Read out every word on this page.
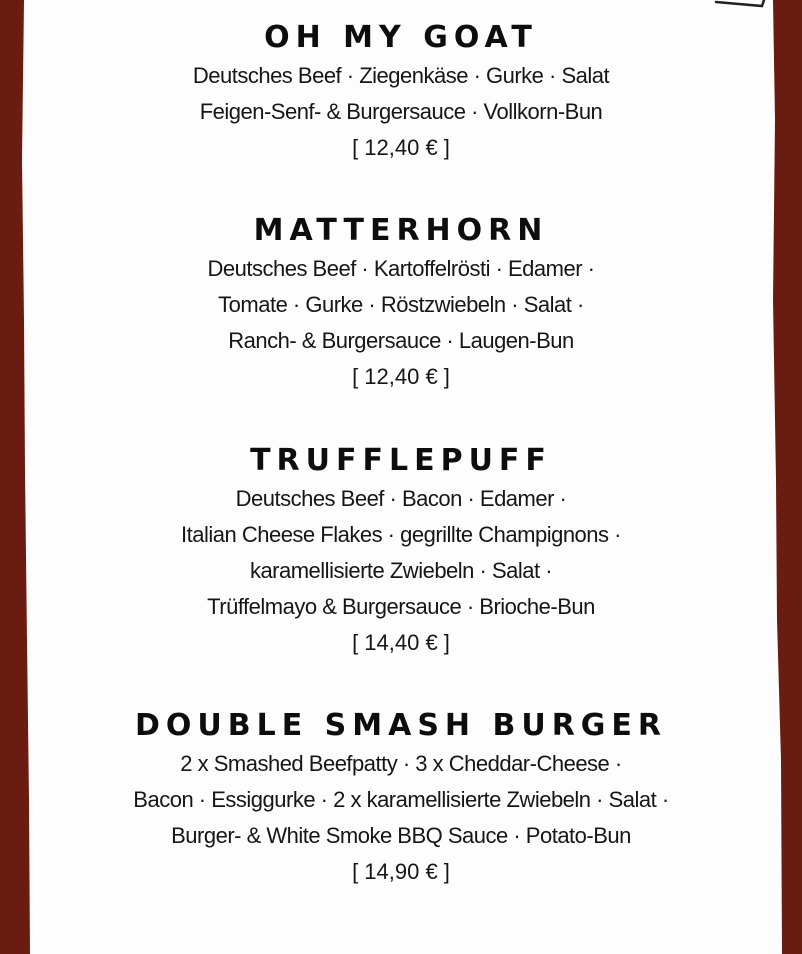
OH MY GOAT
Deutsches Beef · Ziegenkäse · Gurke · Salat
Feigen-Senf- & Burgersauce · Vollkorn-Bun
[ 12,40 € ]
MATTERHORN
Deutsches Beef · Kartoffelrösti · Edamer ·
Tomate · Gurke · Röstzwiebeln · Salat ·
Ranch- & Burgersauce · Laugen-Bun
[ 12,40 € ]
TRUFFLEPUFF
Deutsches Beef · Bacon · Edamer ·
Italian Cheese Flakes · gegrillte Champignons ·
karamellisierte Zwiebeln · Salat ·
Trüffelmayo & Burgersauce · Brioche-Bun
[ 14,40 € ]
DOUBLE SMASH BURGER
2 x Smashed Beefpatty · 3 x Cheddar-Cheese ·
Bacon · Essiggurke · 2 x karamellisierte Zwiebeln · Salat ·
Burger- & White Smoke BBQ Sauce · Potato-Bun
[ 14,90 € ]
